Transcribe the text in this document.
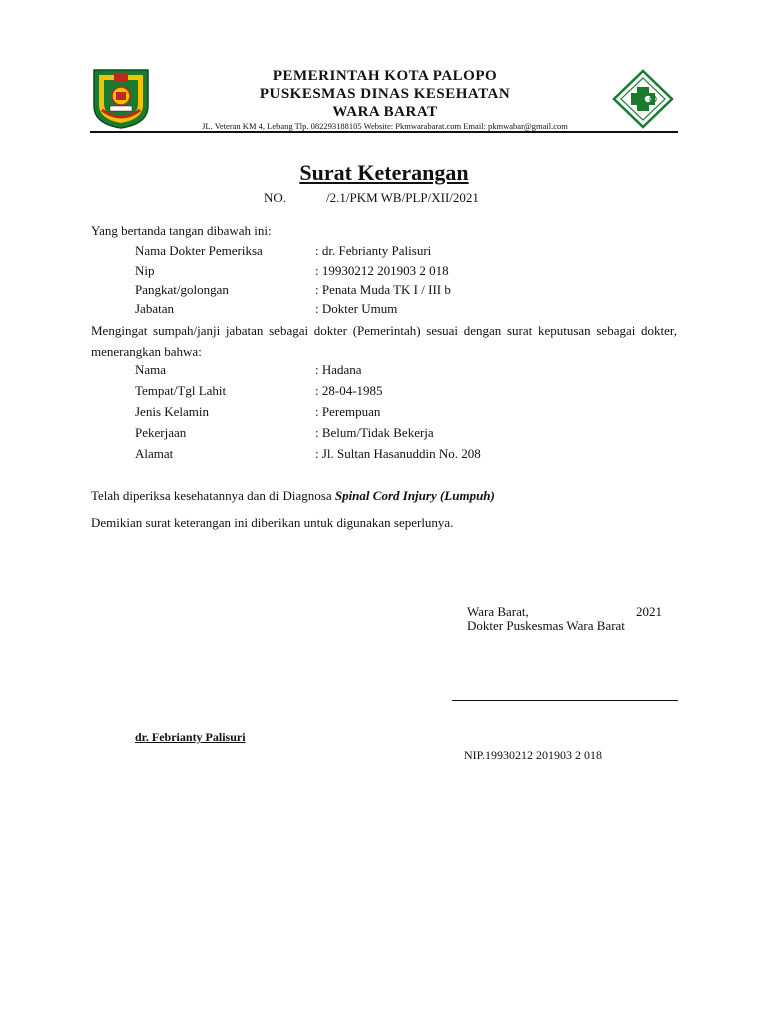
PEMERINTAH KOTA PALOPO
PUSKESMAS DINAS KESEHATAN
WARA BARAT
JL. Veteran KM 4, Lebang Tlp. 082293188105 Website: Pkmwarabarat.com Email: pkmwabar@gmail.com
Surat Keterangan
NO.	/2.1/PKM WB/PLP/XII/2021
Yang bertanda tangan dibawah ini:
Nama Dokter Pemeriksa	: dr. Febrianty Palisuri
Nip	: 19930212 201903 2 018
Pangkat/golongan	: Penata Muda TK I / III b
Jabatan	: Dokter Umum
Mengingat sumpah/janji jabatan sebagai dokter (Pemerintah) sesuai dengan surat keputusan sebagai dokter, menerangkan bahwa:
Nama	: Hadana
Tempat/Tgl Lahit	: 28-04-1985
Jenis Kelamin	: Perempuan
Pekerjaan	: Belum/Tidak Bekerja
Alamat	: Jl. Sultan Hasanuddin No. 208
Telah diperiksa kesehatannya dan di Diagnosa Spinal Cord Injury (Lumpuh)
Demikian surat keterangan ini diberikan untuk digunakan seperlunya.
Wara Barat,	2021
Dokter Puskesmas Wara Barat
dr. Febrianty Palisuri
NIP.19930212 201903 2 018
